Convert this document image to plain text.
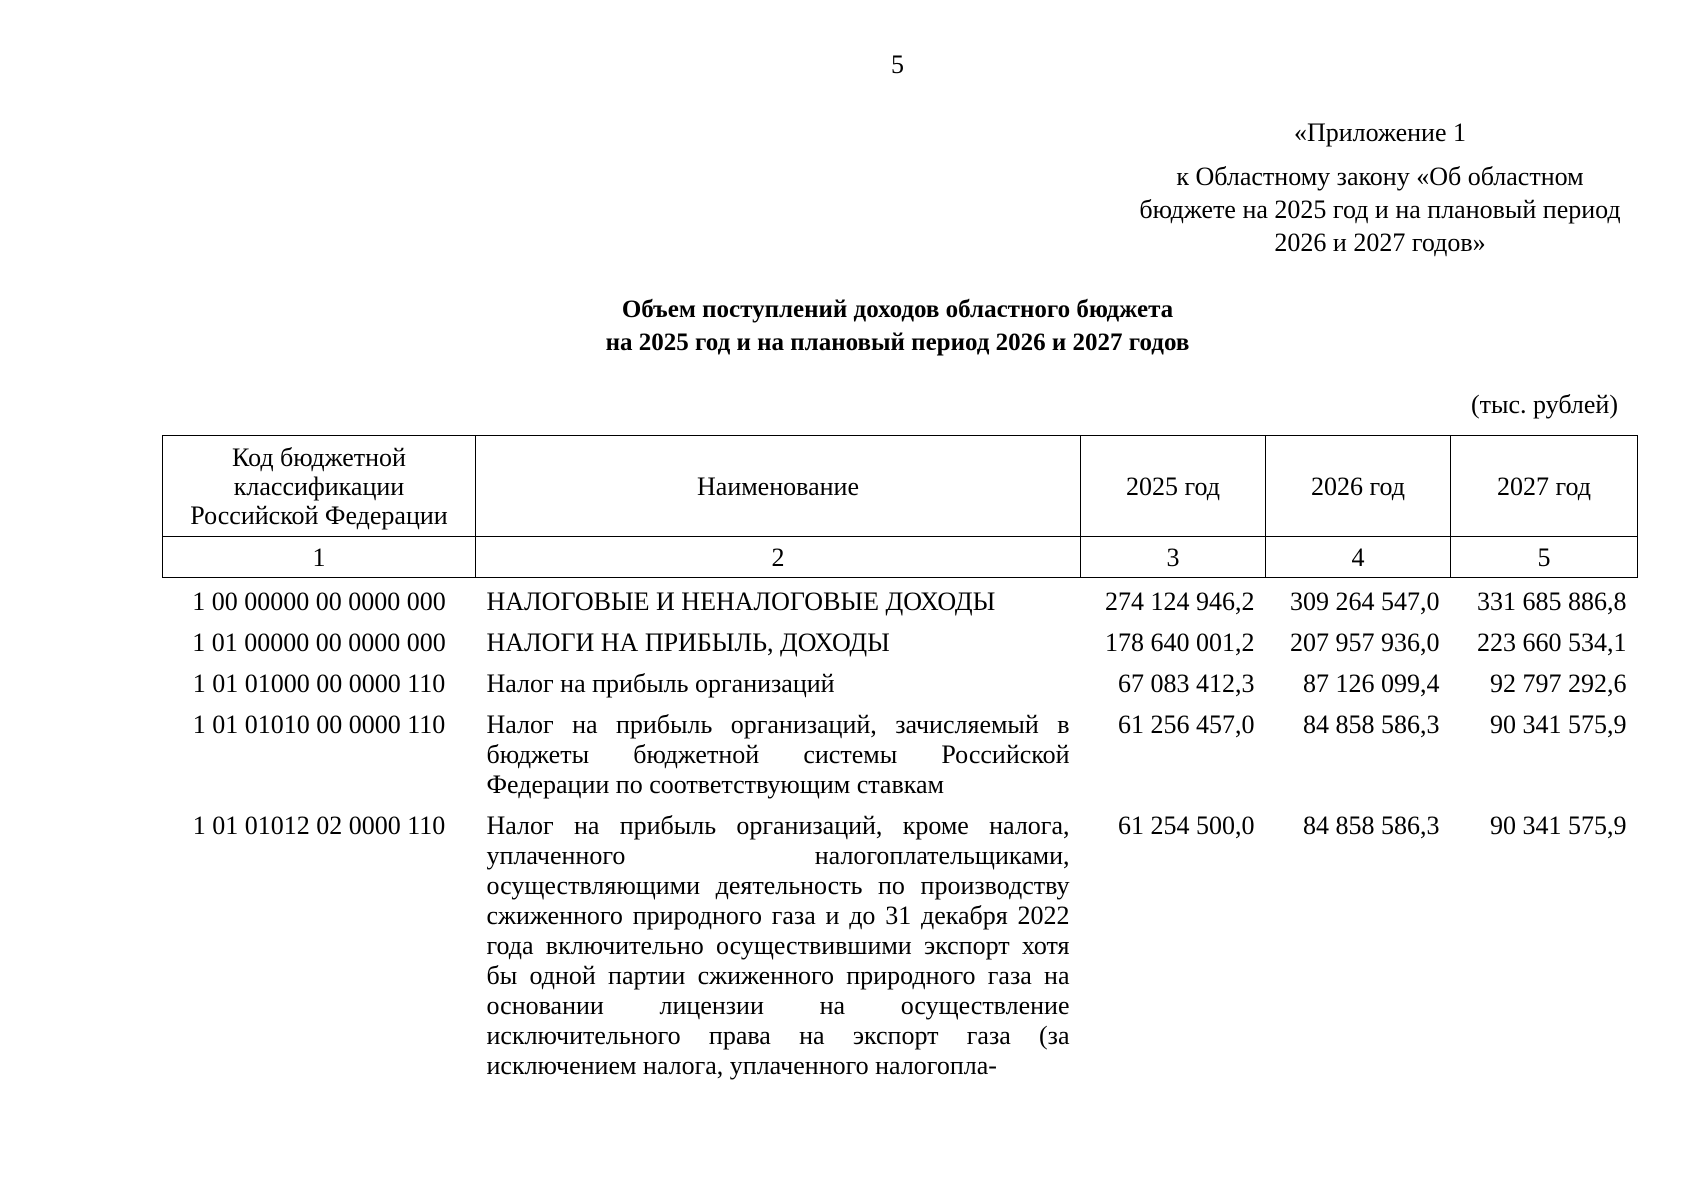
5
«Приложение 1
к Областному закону «Об областном бюджете на 2025 год и на плановый период 2026 и 2027 годов»
Объем поступлений доходов областного бюджета
на 2025 год и на плановый период 2026 и 2027 годов
(тыс. рублей)
Код бюджетной классификации Российской Федерации	Наименование	2025 год	2026 год	2027 год
1	2	3	4	5
1 00 00000 00 0000 000	НАЛОГОВЫЕ И НЕНАЛОГОВЫЕ ДОХОДЫ	274 124 946,2	309 264 547,0	331 685 886,8
1 01 00000 00 0000 000	НАЛОГИ НА ПРИБЫЛЬ, ДОХОДЫ	178 640 001,2	207 957 936,0	223 660 534,1
1 01 01000 00 0000 110	Налог на прибыль организаций	67 083 412,3	87 126 099,4	92 797 292,6
1 01 01010 00 0000 110	Налог на прибыль организаций, зачисляемый в бюджеты бюджетной системы Российской Федерации по соответствующим ставкам	61 256 457,0	84 858 586,3	90 341 575,9
1 01 01012 02 0000 110	Налог на прибыль организаций, кроме налога, уплаченного налогоплательщиками, осуществляющими деятельность по производству сжиженного природного газа и до 31 декабря 2022 года включительно осуществившими экспорт хотя бы одной партии сжиженного природного газа на основании лицензии на осуществление исключительного права на экспорт газа (за исключением налога, уплаченного налогопла-	61 254 500,0	84 858 586,3	90 341 575,9
